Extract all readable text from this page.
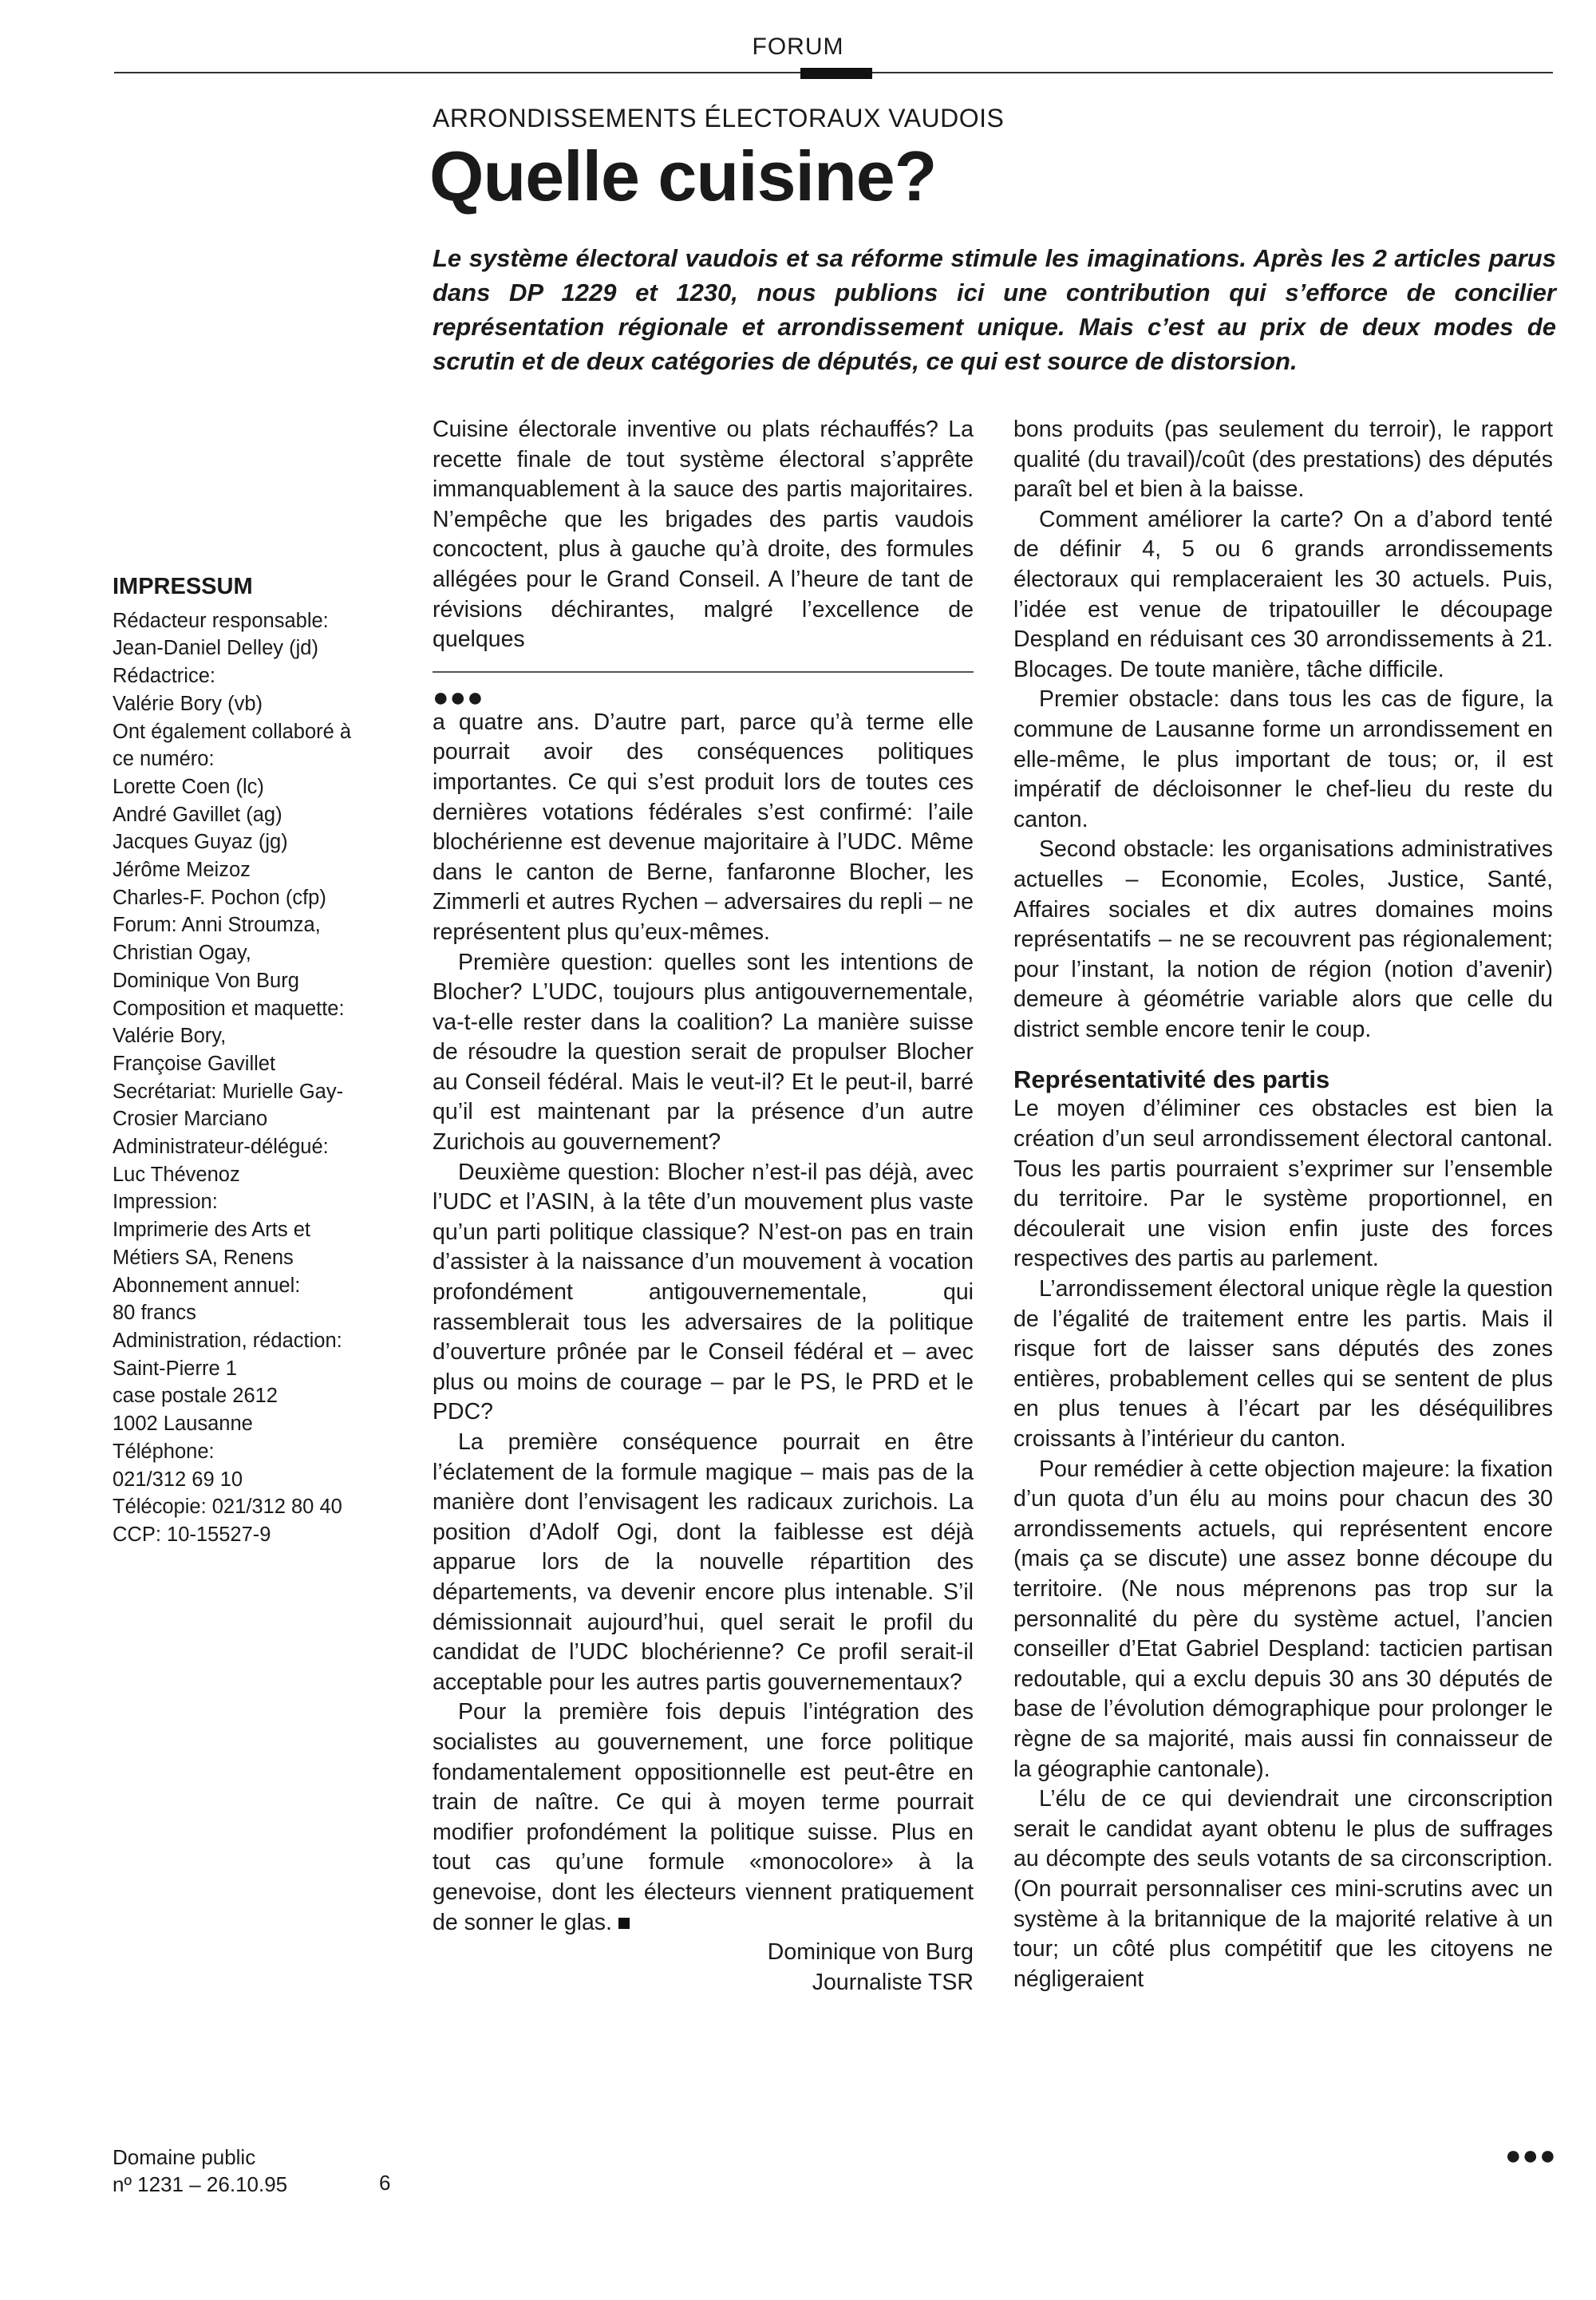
FORUM
ARRONDISSEMENTS ÉLECTORAUX VAUDOIS
Quelle cuisine?
Le système électoral vaudois et sa réforme stimule les imaginations. Après les 2 articles parus dans DP 1229 et 1230, nous publions ici une contribution qui s’efforce de concilier représentation régionale et arrondissement unique. Mais c’est au prix de deux modes de scrutin et de deux catégories de députés, ce qui est source de distorsion.

Cuisine électorale inventive ou plats réchauffés? La recette finale de tout système électoral s’apprête immanquablement à la sauce des partis majoritaires. N’empêche que les brigades des partis vaudois concoctent, plus à gauche qu’à droite, des formules allégées pour le Grand Conseil. A l’heure de tant de révisions déchirantes, malgré l’excellence de quelques

●●●

a quatre ans. D’autre part, parce qu’à terme elle pourrait avoir des conséquences politiques importantes. Ce qui s’est produit lors de toutes ces dernières votations fédérales s’est confirmé: l’aile blochérienne est devenue majoritaire à l’UDC. Même dans le canton de Berne, fanfaronne Blocher, les Zimmerli et autres Rychen – adversaires du repli – ne représentent plus qu’eux-mêmes.

Première question: quelles sont les intentions de Blocher? L’UDC, toujours plus antigouvernementale, va-t-elle rester dans la coalition? La manière suisse de résoudre la question serait de propulser Blocher au Conseil fédéral. Mais le veut-il? Et le peut-il, barré qu’il est maintenant par la présence d’un autre Zurichois au gouvernement?

Deuxième question: Blocher n’est-il pas déjà, avec l’UDC et l’ASIN, à la tête d’un mouvement plus vaste qu’un parti politique classique? N’est-on pas en train d’assister à la naissance d’un mouvement à vocation profondément antigouvernementale, qui rassemblerait tous les adversaires de la politique d’ouverture prônée par le Conseil fédéral et – avec plus ou moins de courage – par le PS, le PRD et le PDC?

La première conséquence pourrait en être l’éclatement de la formule magique – mais pas de la manière dont l’envisagent les radicaux zurichois. La position d’Adolf Ogi, dont la faiblesse est déjà apparue lors de la nouvelle répartition des départements, va devenir encore plus intenable. S’il démissionnait aujourd’hui, quel serait le profil du candidat de l’UDC blochérienne? Ce profil serait-il acceptable pour les autres partis gouvernementaux?

Pour la première fois depuis l’intégration des socialistes au gouvernement, une force politique fondamentalement oppositionnelle est peut-être en train de naître. Ce qui à moyen terme pourrait modifier profondément la politique suisse. Plus en tout cas qu’une formule «monocolore» à la genevoise, dont les électeurs viennent pratiquement de sonner le glas.

Dominique von Burg
Journaliste TSR

bons produits (pas seulement du terroir), le rapport qualité (du travail)/coût (des prestations) des députés paraît bel et bien à la baisse.

Comment améliorer la carte? On a d’abord tenté de définir 4, 5 ou 6 grands arrondissements électoraux qui remplaceraient les 30 actuels. Puis, l’idée est venue de tripatouiller le découpage Despland en réduisant ces 30 arrondissements à 21. Blocages. De toute manière, tâche difficile.

Premier obstacle: dans tous les cas de figure, la commune de Lausanne forme un arrondissement en elle-même, le plus important de tous; or, il est impératif de décloisonner le chef-lieu du reste du canton.

Second obstacle: les organisations administratives actuelles – Economie, Ecoles, Justice, Santé, Affaires sociales et dix autres domaines moins représentatifs – ne se recouvrent pas régionalement; pour l’instant, la notion de région (notion d’avenir) demeure à géométrie variable alors que celle du district semble encore tenir le coup.

Représentativité des partis

Le moyen d’éliminer ces obstacles est bien la création d’un seul arrondissement électoral cantonal. Tous les partis pourraient s’exprimer sur l’ensemble du territoire. Par le système proportionnel, en découlerait une vision enfin juste des forces respectives des partis au parlement.

L’arrondissement électoral unique règle la question de l’égalité de traitement entre les partis. Mais il risque fort de laisser sans députés des zones entières, probablement celles qui se sentent de plus en plus tenues à l’écart par les déséquilibres croissants à l’intérieur du canton.

Pour remédier à cette objection majeure: la fixation d’un quota d’un élu au moins pour chacun des 30 arrondissements actuels, qui représentent encore (mais ça se discute) une assez bonne découpe du territoire. (Ne nous méprenons pas trop sur la personnalité du père du système actuel, l’ancien conseiller d’Etat Gabriel Despland: tacticien partisan redoutable, qui a exclu depuis 30 ans 30 députés de base de l’évolution démographique pour prolonger le règne de sa majorité, mais aussi fin connaisseur de la géographie cantonale).

L’élu de ce qui deviendrait une circonscription serait le candidat ayant obtenu le plus de suffrages au décompte des seuls votants de sa circonscription. (On pourrait personnaliser ces mini-scrutins avec un système à la britannique de la majorité relative à un tour; un côté plus compétitif que les citoyens ne négligeraient

●●●
IMPRESSUM
Rédacteur responsable:
Jean-Daniel Delley (jd)
Rédactrice:
Valérie Bory (vb)
Ont également collaboré à
ce numéro:
Lorette Coen (lc)
André Gavillet (ag)
Jacques Guyaz (jg)
Jérôme Meizoz
Charles-F. Pochon (cfp)
Forum: Anni Stroumza,
Christian Ogay,
Dominique Von Burg
Composition et maquette:
Valérie Bory,
Françoise Gavillet
Secrétariat: Murielle Gay-
Crosier Marciano
Administrateur-délégué:
Luc Thévenoz
Impression:
Imprimerie des Arts et
Métiers SA, Renens
Abonnement annuel:
80 francs
Administration, rédaction:
Saint-Pierre 1
case postale 2612
1002 Lausanne
Téléphone:
021/312 69 10
Télécopie: 021/312 80 40
CCP: 10-15527-9
Domaine public
nº 1231 – 26.10.95	6
